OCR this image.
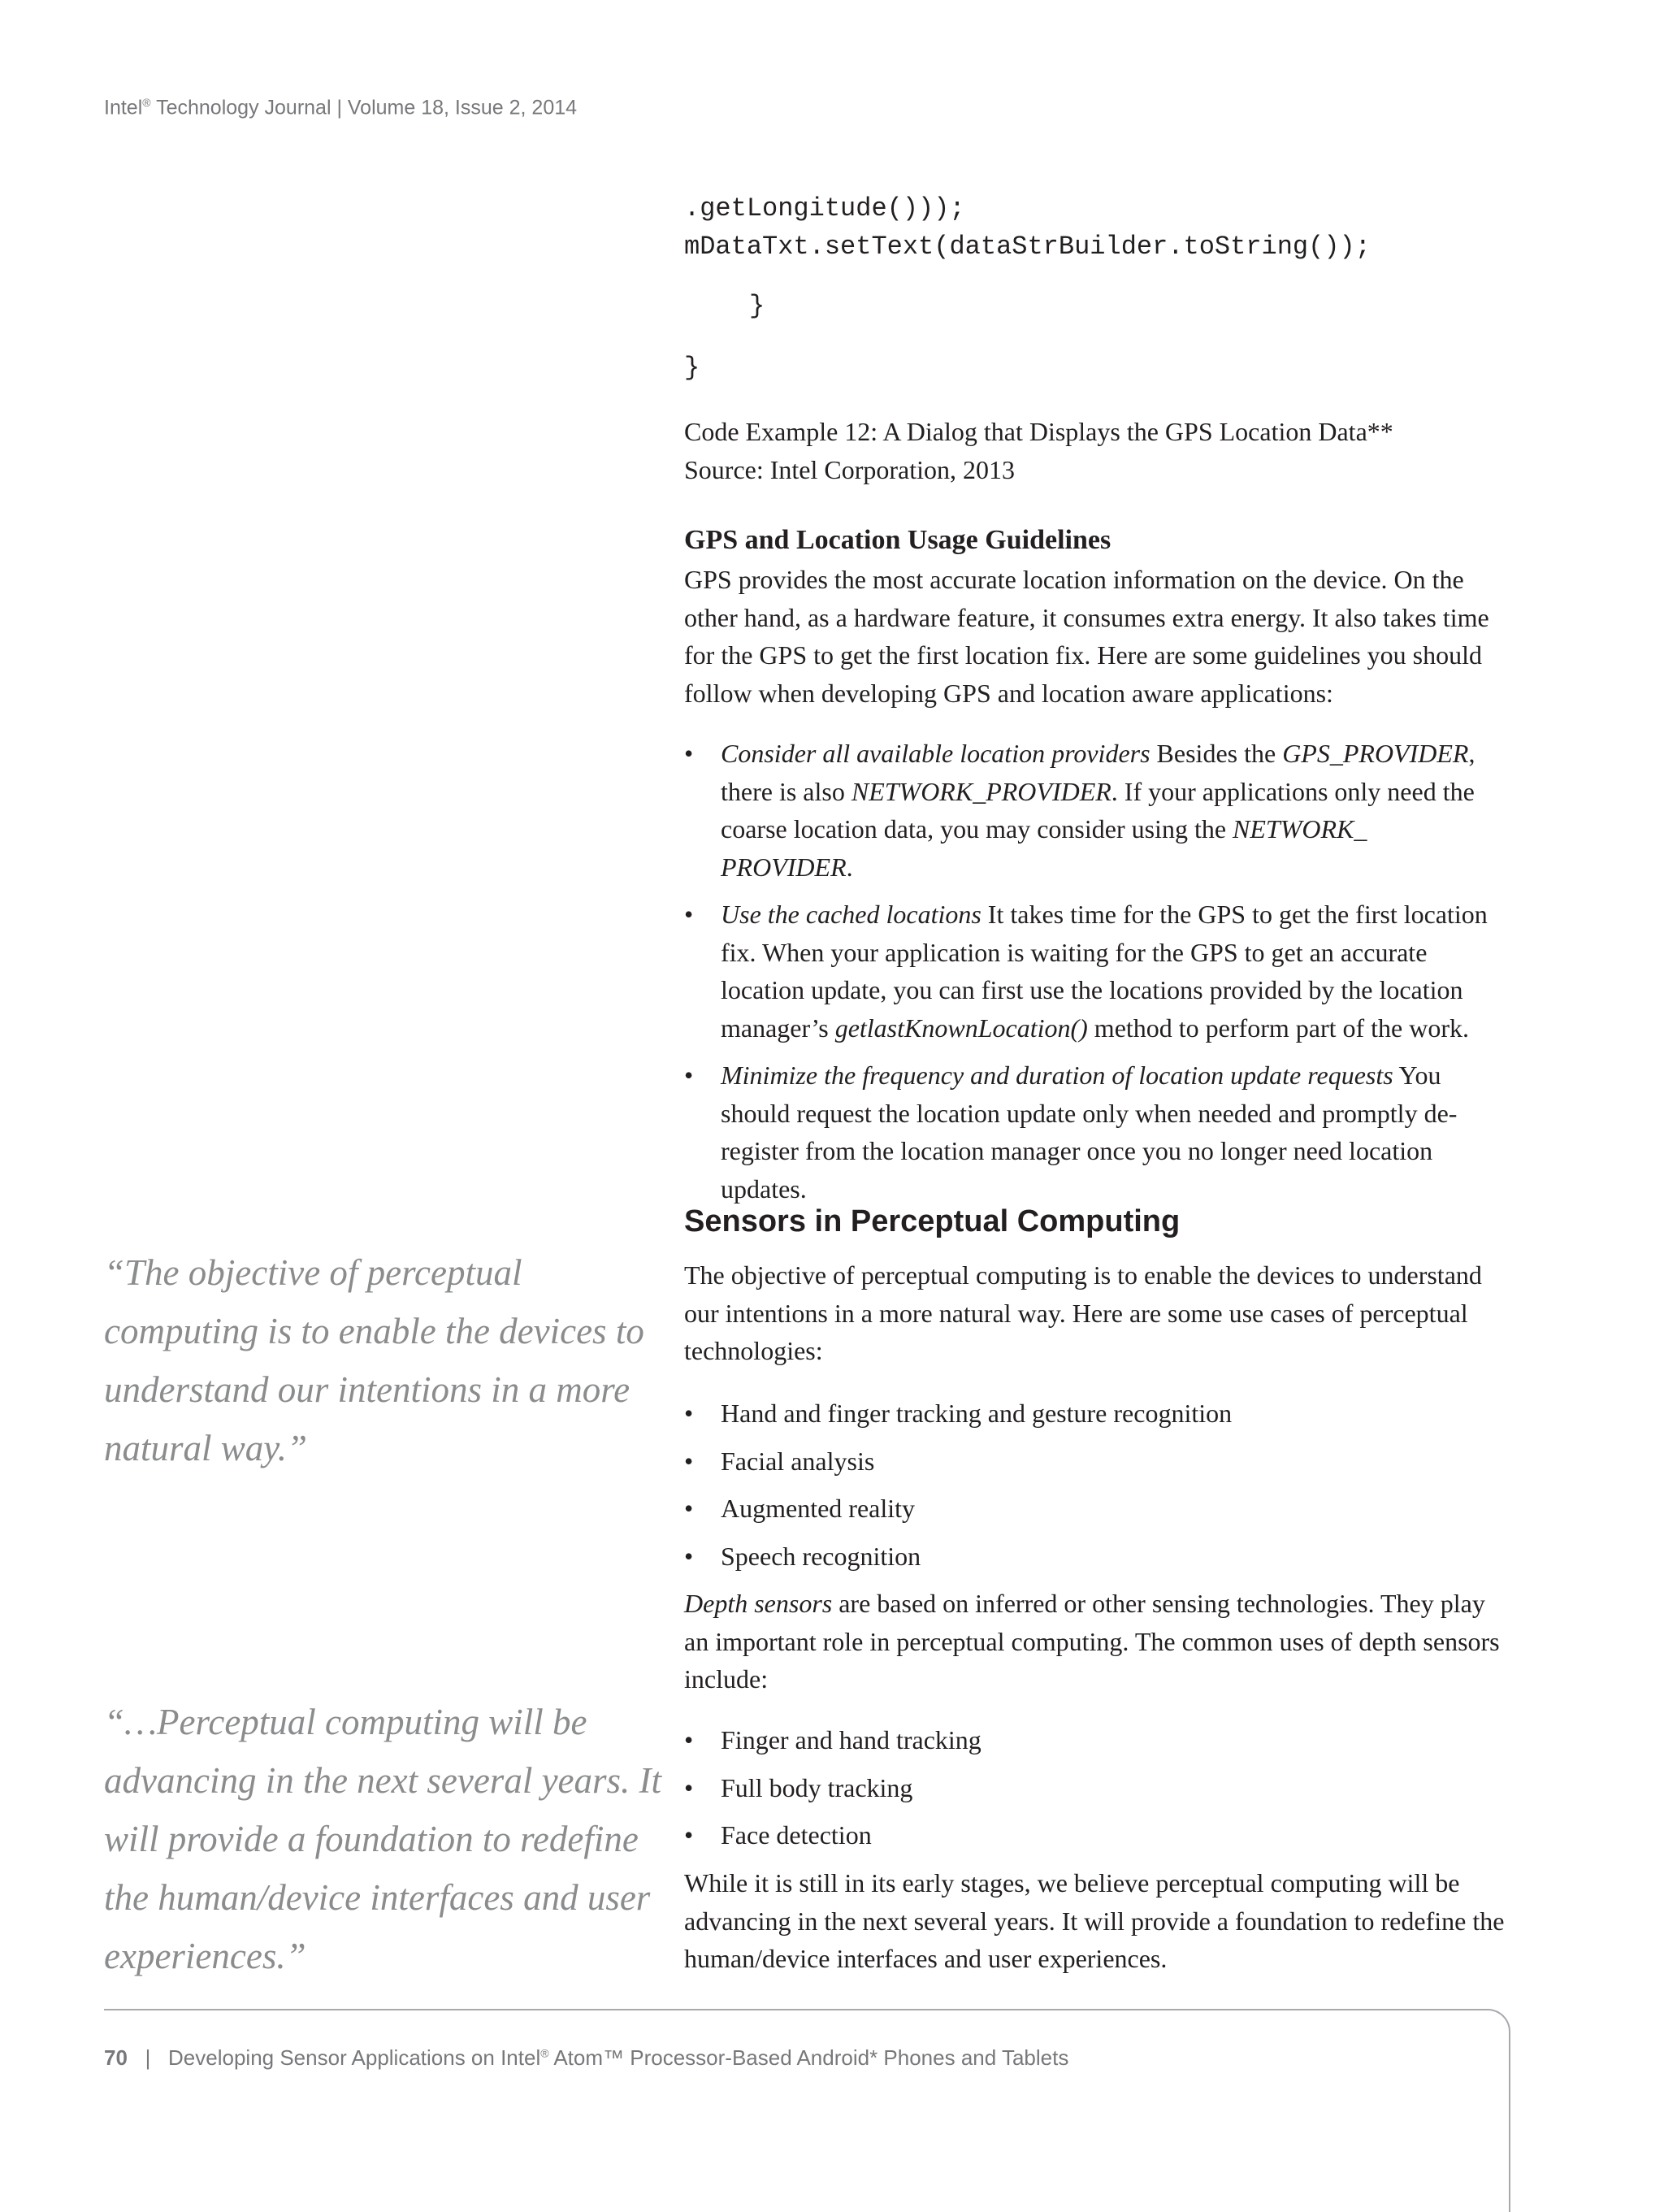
Intel® Technology Journal | Volume 18, Issue 2, 2014
.getLongitude()));
mDataTxt.setText(dataStrBuilder.toString());
}
}
Code Example 12: A Dialog that Displays the GPS Location Data**
Source: Intel Corporation, 2013
GPS and Location Usage Guidelines

GPS provides the most accurate location information on the device. On the other hand, as a hardware feature, it consumes extra energy. It also takes time for the GPS to get the first location fix. Here are some guidelines you should follow when developing GPS and location aware applications:

• Consider all available location providers Besides the GPS_PROVIDER, there is also NETWORK_PROVIDER. If your applications only need the coarse location data, you may consider using the NETWORK_ PROVIDER.
• Use the cached locations It takes time for the GPS to get the first location fix. When your application is waiting for the GPS to get an accurate location update, you can first use the locations provided by the location manager’s getlastKnownLocation() method to perform part of the work.
• Minimize the frequency and duration of location update requests You should request the location update only when needed and promptly de-register from the location manager once you no longer need location updates.
Sensors in Perceptual Computing

The objective of perceptual computing is to enable the devices to understand our intentions in a more natural way. Here are some use cases of perceptual technologies:

• Hand and finger tracking and gesture recognition
• Facial analysis
• Augmented reality
• Speech recognition

Depth sensors are based on inferred or other sensing technologies. They play an important role in perceptual computing. The common uses of depth sensors include:

• Finger and hand tracking
• Full body tracking
• Face detection

While it is still in its early stages, we believe perceptual computing will be advancing in the next several years. It will provide a foundation to redefine the human/device interfaces and user experiences.

“The objective of perceptual computing is to enable the devices to understand our intentions in a more natural way.”

“…Perceptual computing will be advancing in the next several years. It will provide a foundation to redefine the human/device interfaces and user experiences.”

70 | Developing Sensor Applications on Intel® Atom™ Processor-Based Android* Phones and Tablets
